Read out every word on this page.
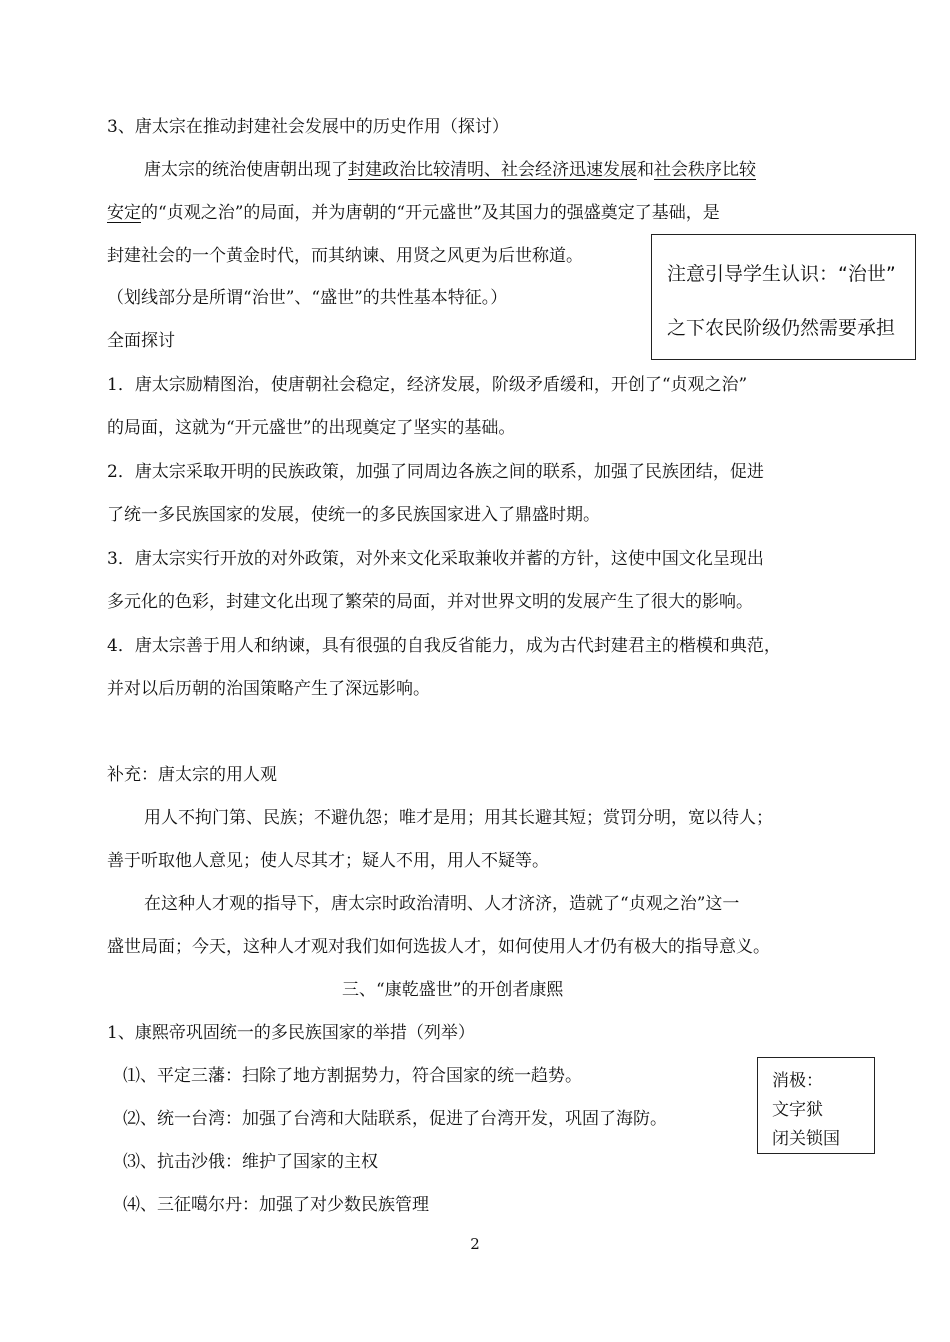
3、唐太宗在推动封建社会发展中的历史作用（探讨）
唐太宗的统治使唐朝出现了封建政治比较清明、社会经济迅速发展和社会秩序比较
安定的“贞观之治”的局面，并为唐朝的“开元盛世”及其国力的强盛奠定了基础，是
封建社会的一个黄金时代，而其纳谏、用贤之风更为后世称道。
（划线部分是所谓“治世”、“盛世”的共性基本特征。）
全面探讨
1．唐太宗励精图治，使唐朝社会稳定，经济发展，阶级矛盾缓和，开创了“贞观之治”
的局面，这就为“开元盛世”的出现奠定了坚实的基础。
2．唐太宗采取开明的民族政策，加强了同周边各族之间的联系，加强了民族团结，促进
了统一多民族国家的发展，使统一的多民族国家进入了鼎盛时期。
3．唐太宗实行开放的对外政策，对外来文化采取兼收并蓄的方针，这使中国文化呈现出
多元化的色彩，封建文化出现了繁荣的局面，并对世界文明的发展产生了很大的影响。
4．唐太宗善于用人和纳谏，具有很强的自我反省能力，成为古代封建君主的楷模和典范，
并对以后历朝的治国策略产生了深远影响。
补充：唐太宗的用人观
用人不拘门第、民族；不避仇怨；唯才是用；用其长避其短；赏罚分明，宽以待人；
善于听取他人意见；使人尽其才；疑人不用，用人不疑等。
在这种人才观的指导下，唐太宗时政治清明、人才济济，造就了“贞观之治”这一
盛世局面；今天，这种人才观对我们如何选拔人才，如何使用人才仍有极大的指导意义。
三、“康乾盛世”的开创者康熙
1、康熙帝巩固统一的多民族国家的举措（列举）
⑴、平定三藩：扫除了地方割据势力，符合国家的统一趋势。
⑵、统一台湾：加强了台湾和大陆联系，促进了台湾开发，巩固了海防。
⑶、抗击沙俄：维护了国家的主权
⑷、三征噶尔丹：加强了对少数民族管理
注意引导学生认识：“治世”
之下农民阶级仍然需要承担
消极：
文字狱
闭关锁国
2
